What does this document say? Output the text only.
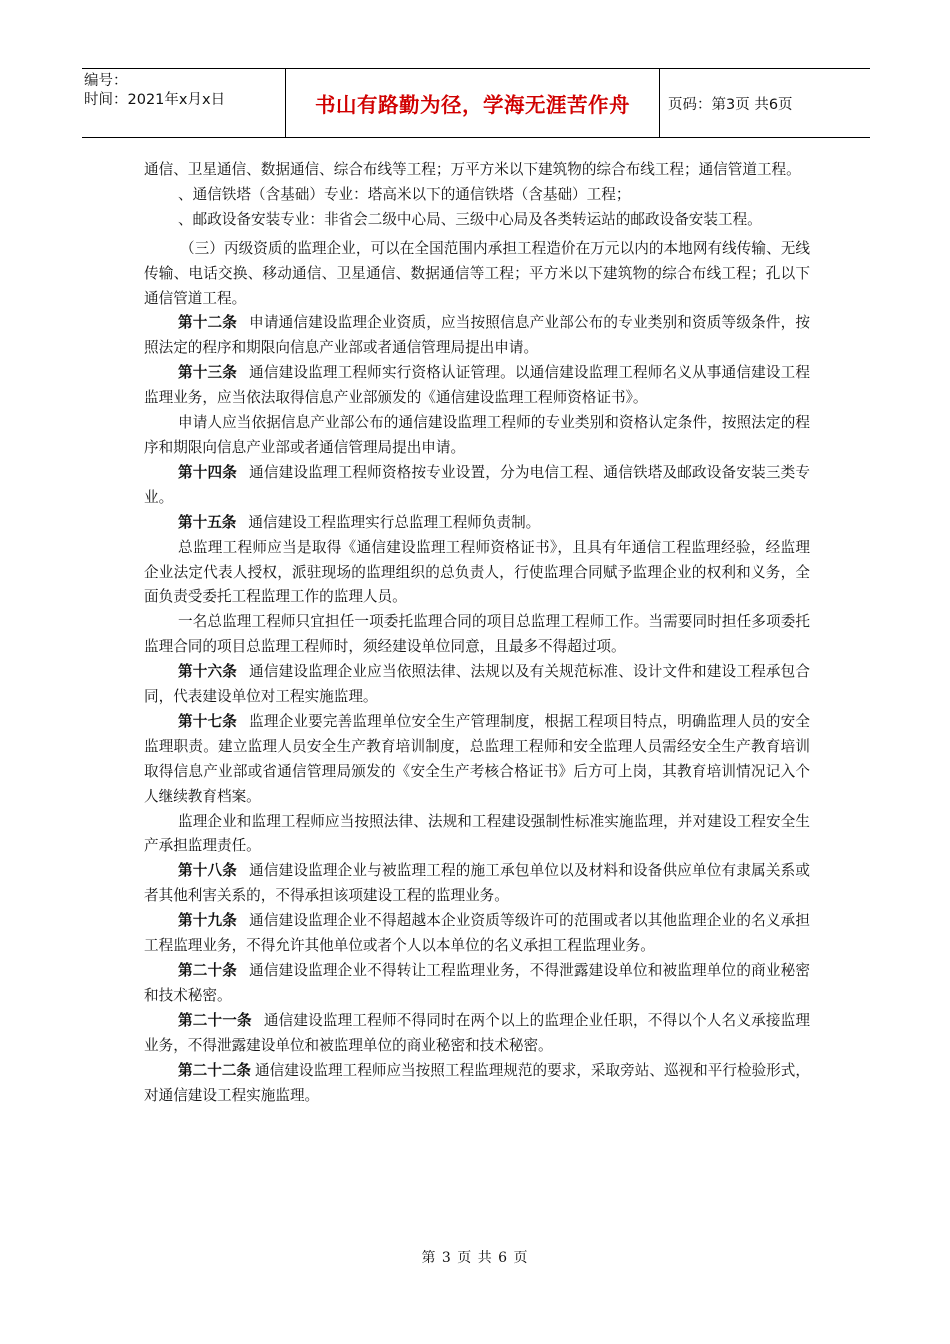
编号：
时间：2021年x月x日	书山有路勤为径，学海无涯苦作舟	页码：第3页 共6页

通信、卫星通信、数据通信、综合布线等工程；万平方米以下建筑物的综合布线工程；通信管道工程。

、通信铁塔（含基础）专业：塔高米以下的通信铁塔（含基础）工程；

、邮政设备安装专业：非省会二级中心局、三级中心局及各类转运站的邮政设备安装工程。

（三）丙级资质的监理企业，可以在全国范围内承担工程造价在万元以内的本地网有线传输、无线传输、电话交换、移动通信、卫星通信、数据通信等工程；平方米以下建筑物的综合布线工程；孔以下通信管道工程。

第十二条 申请通信建设监理企业资质，应当按照信息产业部公布的专业类别和资质等级条件，按照法定的程序和期限向信息产业部或者通信管理局提出申请。

第十三条 通信建设监理工程师实行资格认证管理。以通信建设监理工程师名义从事通信建设工程监理业务，应当依法取得信息产业部颁发的《通信建设监理工程师资格证书》。

申请人应当依据信息产业部公布的通信建设监理工程师的专业类别和资格认定条件，按照法定的程序和期限向信息产业部或者通信管理局提出申请。

第十四条 通信建设监理工程师资格按专业设置，分为电信工程、通信铁塔及邮政设备安装三类专业。

第十五条 通信建设工程监理实行总监理工程师负责制。

总监理工程师应当是取得《通信建设监理工程师资格证书》，且具有年通信工程监理经验，经监理企业法定代表人授权，派驻现场的监理组织的总负责人，行使监理合同赋予监理企业的权利和义务，全面负责受委托工程监理工作的监理人员。

一名总监理工程师只宜担任一项委托监理合同的项目总监理工程师工作。当需要同时担任多项委托监理合同的项目总监理工程师时，须经建设单位同意，且最多不得超过项。

第十六条 通信建设监理企业应当依照法律、法规以及有关规范标准、设计文件和建设工程承包合同，代表建设单位对工程实施监理。

第十七条 监理企业要完善监理单位安全生产管理制度，根据工程项目特点，明确监理人员的安全监理职责。建立监理人员安全生产教育培训制度，总监理工程师和安全监理人员需经安全生产教育培训取得信息产业部或省通信管理局颁发的《安全生产考核合格证书》后方可上岗，其教育培训情况记入个人继续教育档案。

监理企业和监理工程师应当按照法律、法规和工程建设强制性标准实施监理，并对建设工程安全生产承担监理责任。

第十八条 通信建设监理企业与被监理工程的施工承包单位以及材料和设备供应单位有隶属关系或者其他利害关系的，不得承担该项建设工程的监理业务。

第十九条 通信建设监理企业不得超越本企业资质等级许可的范围或者以其他监理企业的名义承担工程监理业务，不得允许其他单位或者个人以本单位的名义承担工程监理业务。

第二十条 通信建设监理企业不得转让工程监理业务，不得泄露建设单位和被监理单位的商业秘密和技术秘密。

第二十一条 通信建设监理工程师不得同时在两个以上的监理企业任职，不得以个人名义承接监理业务，不得泄露建设单位和被监理单位的商业秘密和技术秘密。

第二十二条 通信建设监理工程师应当按照工程监理规范的要求，采取旁站、巡视和平行检验形式，对通信建设工程实施监理。

第 3 页 共 6 页
